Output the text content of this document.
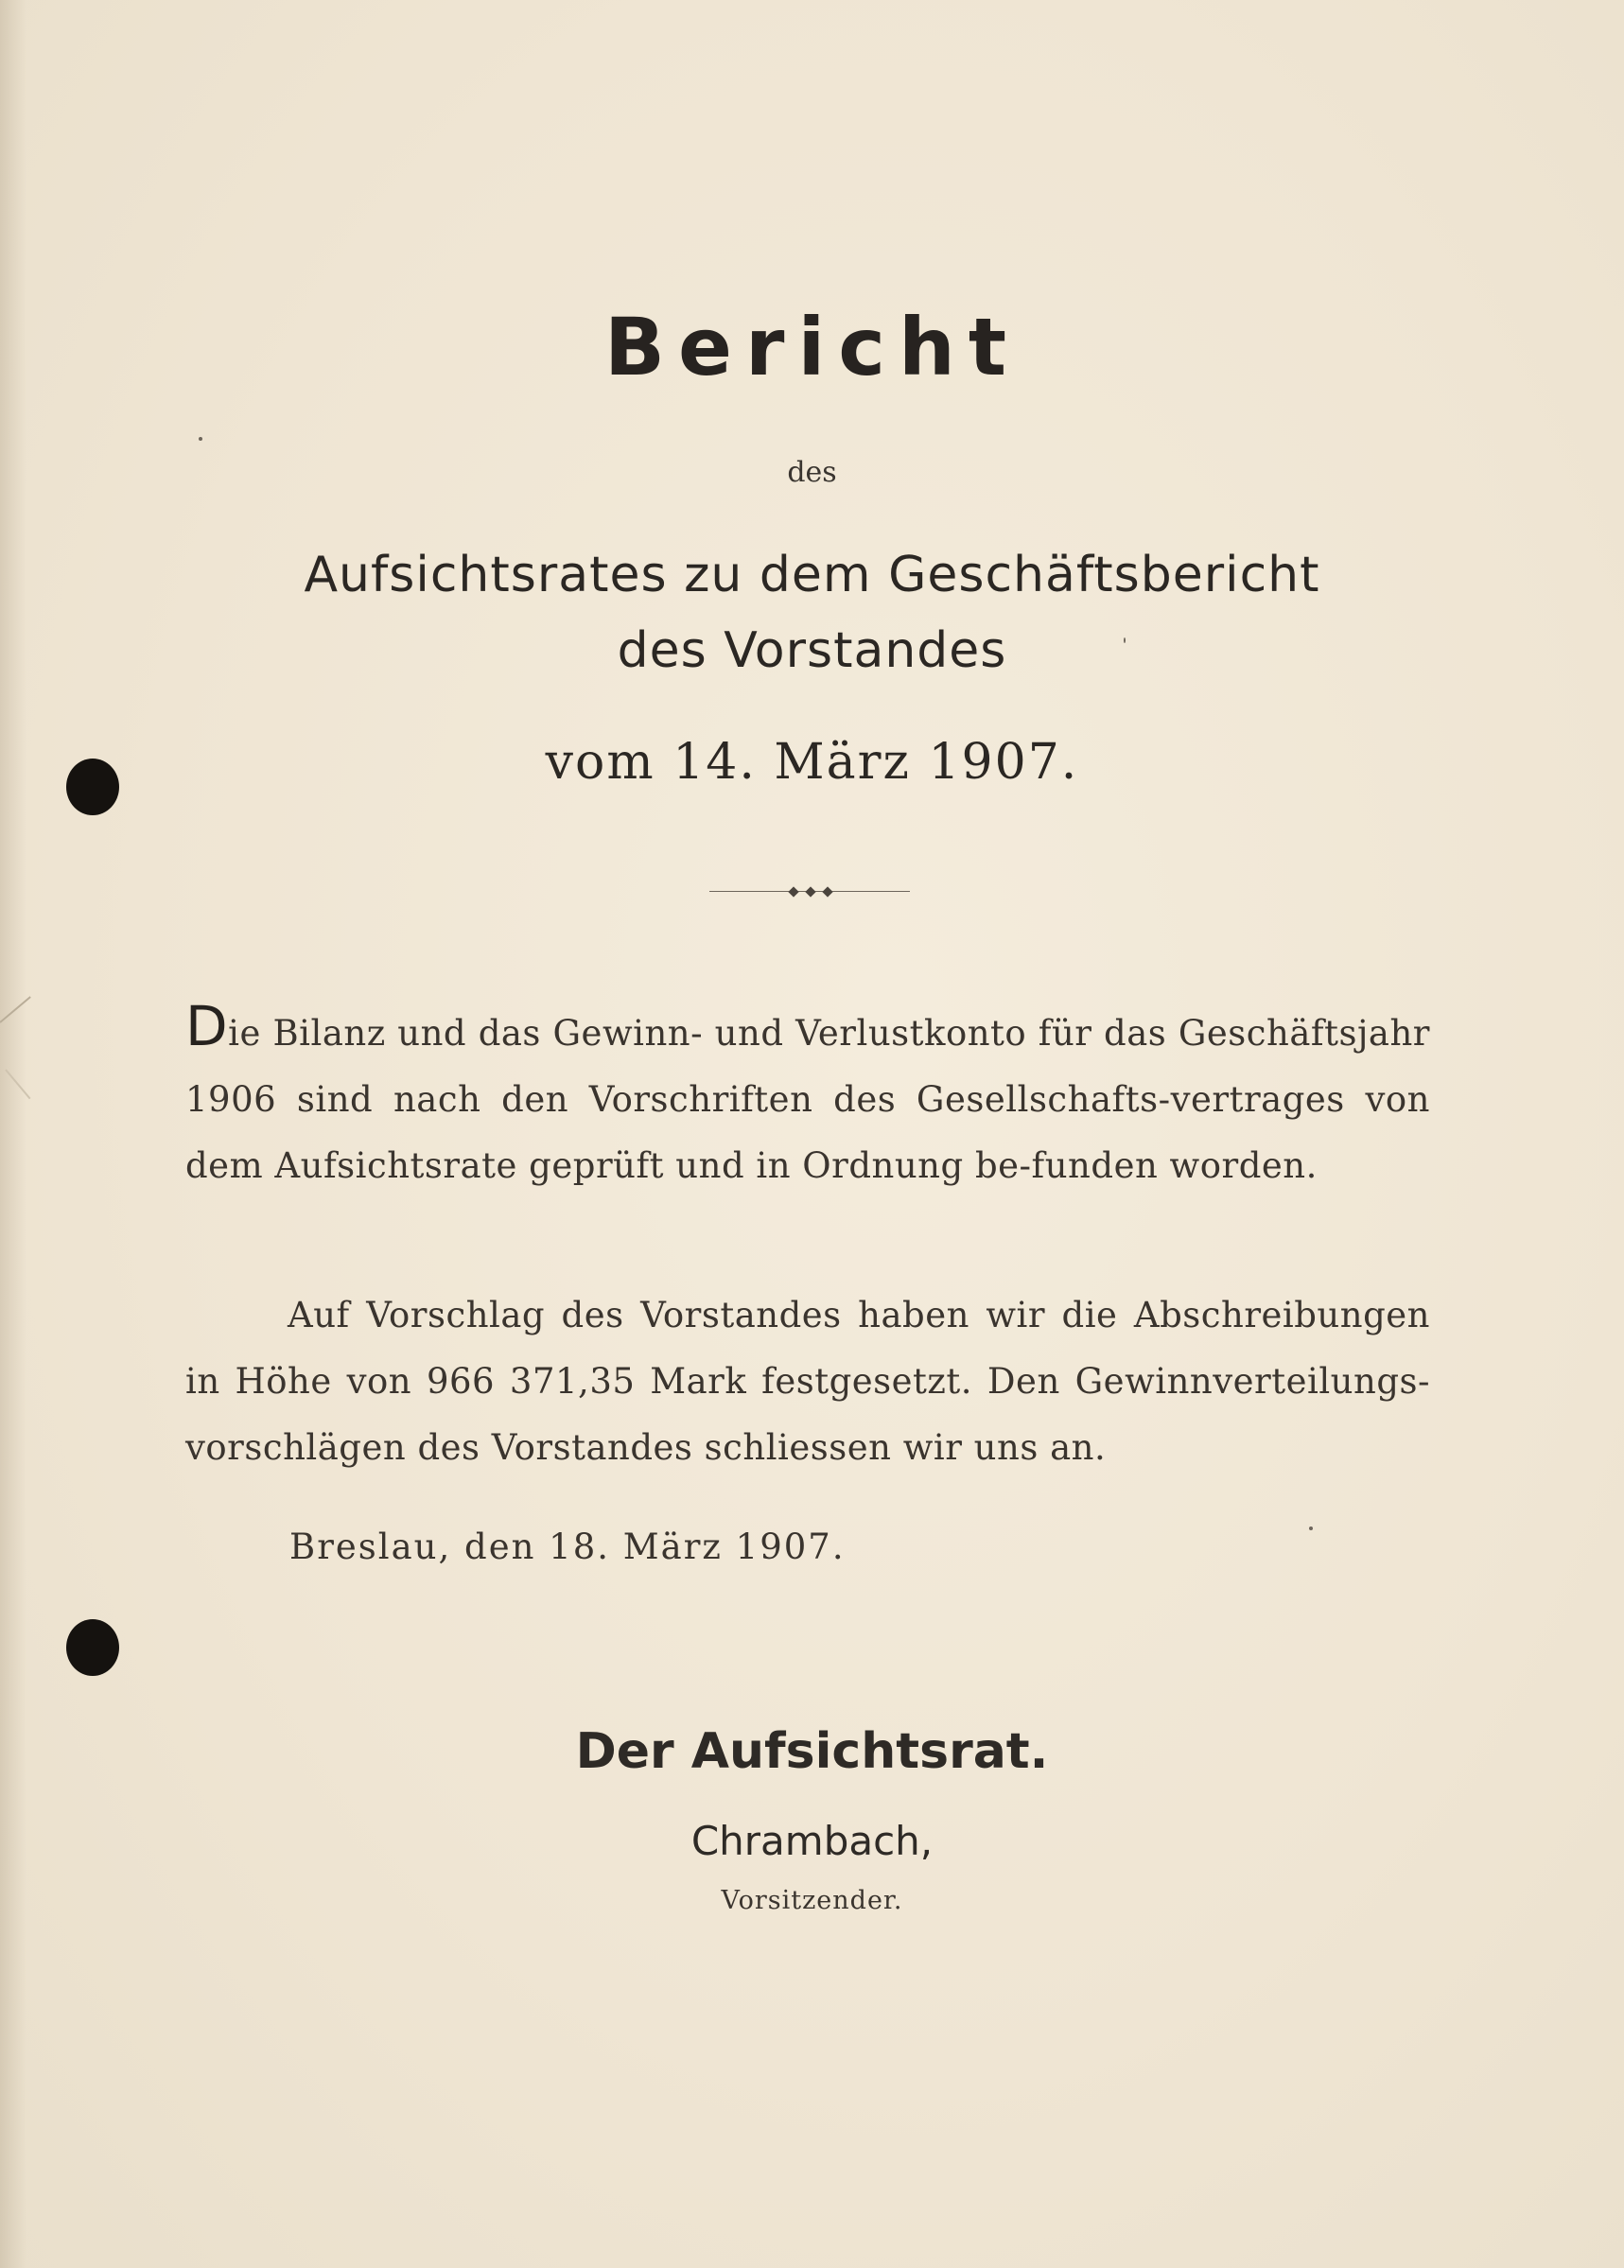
Bericht
des
Aufsichtsrates zu dem Geschäftsbericht
des Vorstandes
vom 14. März 1907.
Die Bilanz und das Gewinn- und Verlustkonto für das Geschäftsjahr 1906 sind nach den Vorschriften des Gesellschafts-vertrages von dem Aufsichtsrate geprüft und in Ordnung be-funden worden.
Auf Vorschlag des Vorstandes haben wir die Abschreibungen in Höhe von 966 371,35 Mark festgesetzt. Den Gewinnverteilungs-vorschlägen des Vorstandes schliessen wir uns an.
Breslau, den 18. März 1907.
Der Aufsichtsrat.
Chrambach,
Vorsitzender.
